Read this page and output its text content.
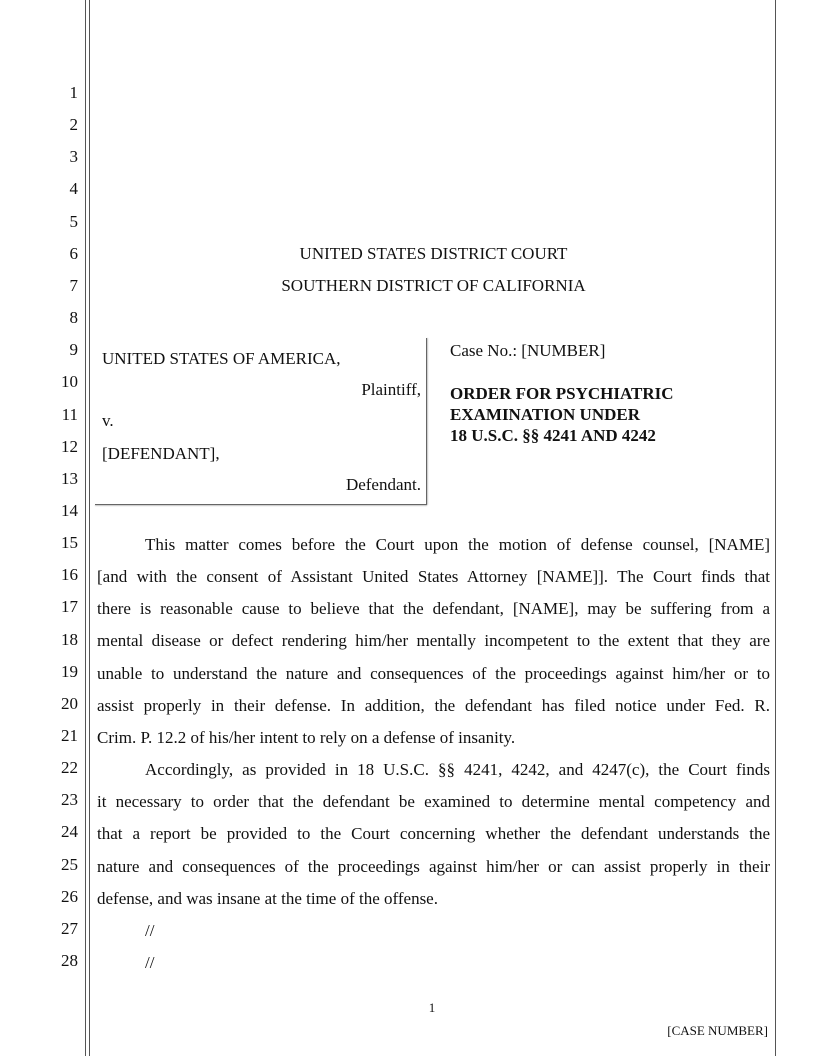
1
2
3
4
5
6
7
8
9
10
11
12
13
14
15
16
17
18
19
20
21
22
23
24
25
26
27
28
UNITED STATES DISTRICT COURT
SOUTHERN DISTRICT OF CALIFORNIA
UNITED STATES OF AMERICA,
Plaintiff,
v.
[DEFENDANT],
Defendant.
Case No.: [NUMBER]
ORDER FOR PSYCHIATRIC
EXAMINATION UNDER
18 U.S.C. §§ 4241 AND 4242
This matter comes before the Court upon the motion of defense counsel, [NAME]
[and with the consent of Assistant United States Attorney [NAME]]. The Court finds that
there is reasonable cause to believe that the defendant, [NAME], may be suffering from a
mental disease or defect rendering him/her mentally incompetent to the extent that they are
unable to understand the nature and consequences of the proceedings against him/her or to
assist properly in their defense. In addition, the defendant has filed notice under Fed. R.
Crim. P. 12.2 of his/her intent to rely on a defense of insanity.
Accordingly, as provided in 18 U.S.C. §§ 4241, 4242, and 4247(c), the Court finds
it necessary to order that the defendant be examined to determine mental competency and
that a report be provided to the Court concerning whether the defendant understands the
nature and consequences of the proceedings against him/her or can assist properly in their
defense, and was insane at the time of the offense.
//
//
1
[CASE NUMBER]
